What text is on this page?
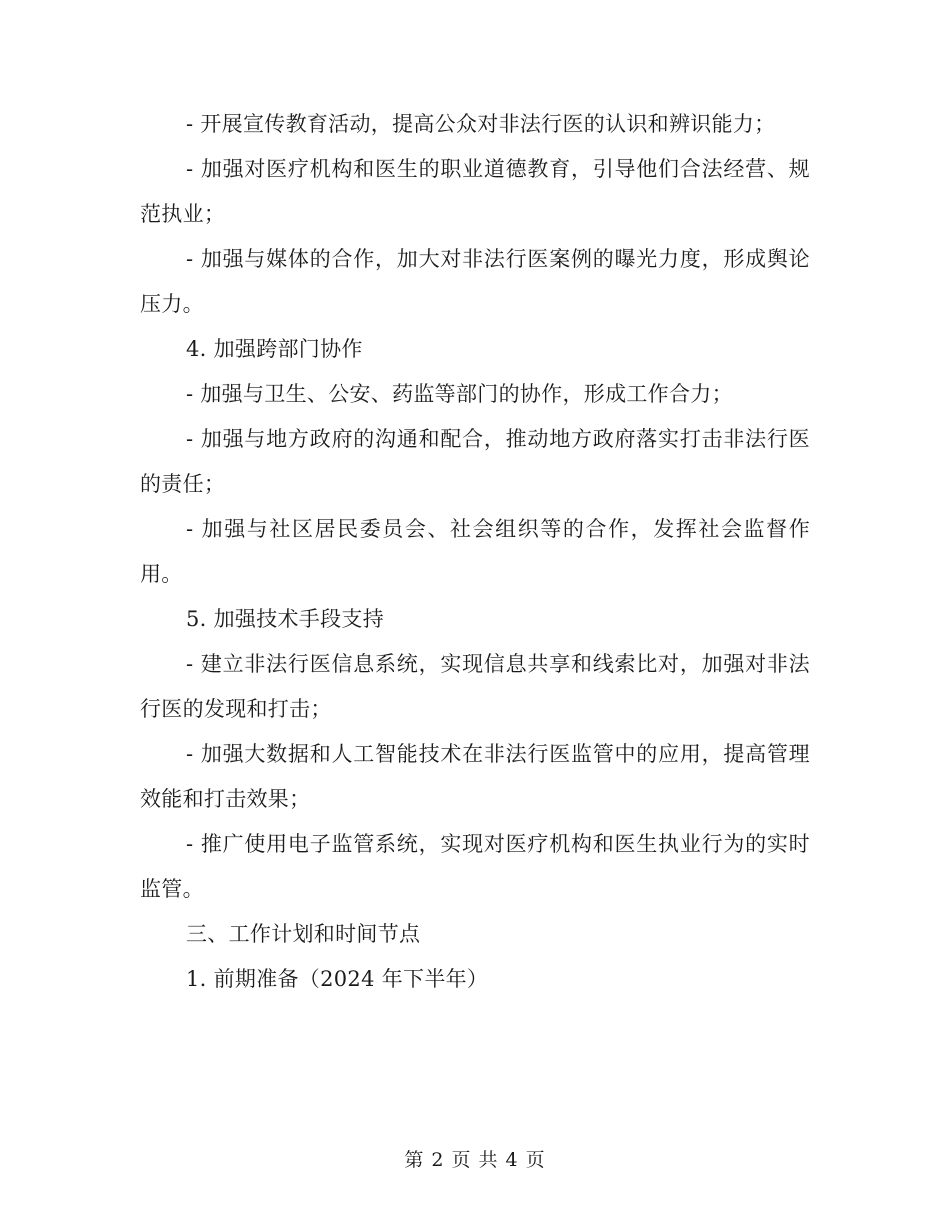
- 开展宣传教育活动，提高公众对非法行医的认识和辨识能力；

- 加强对医疗机构和医生的职业道德教育，引导他们合法经营、规范执业；

- 加强与媒体的合作，加大对非法行医案例的曝光力度，形成舆论压力。

4. 加强跨部门协作

- 加强与卫生、公安、药监等部门的协作，形成工作合力；

- 加强与地方政府的沟通和配合，推动地方政府落实打击非法行医的责任；

- 加强与社区居民委员会、社会组织等的合作，发挥社会监督作用。

5. 加强技术手段支持

- 建立非法行医信息系统，实现信息共享和线索比对，加强对非法行医的发现和打击；

- 加强大数据和人工智能技术在非法行医监管中的应用，提高管理效能和打击效果；

- 推广使用电子监管系统，实现对医疗机构和医生执业行为的实时监管。

三、工作计划和时间节点

1. 前期准备（2024 年下半年）

第 2 页 共 4 页
